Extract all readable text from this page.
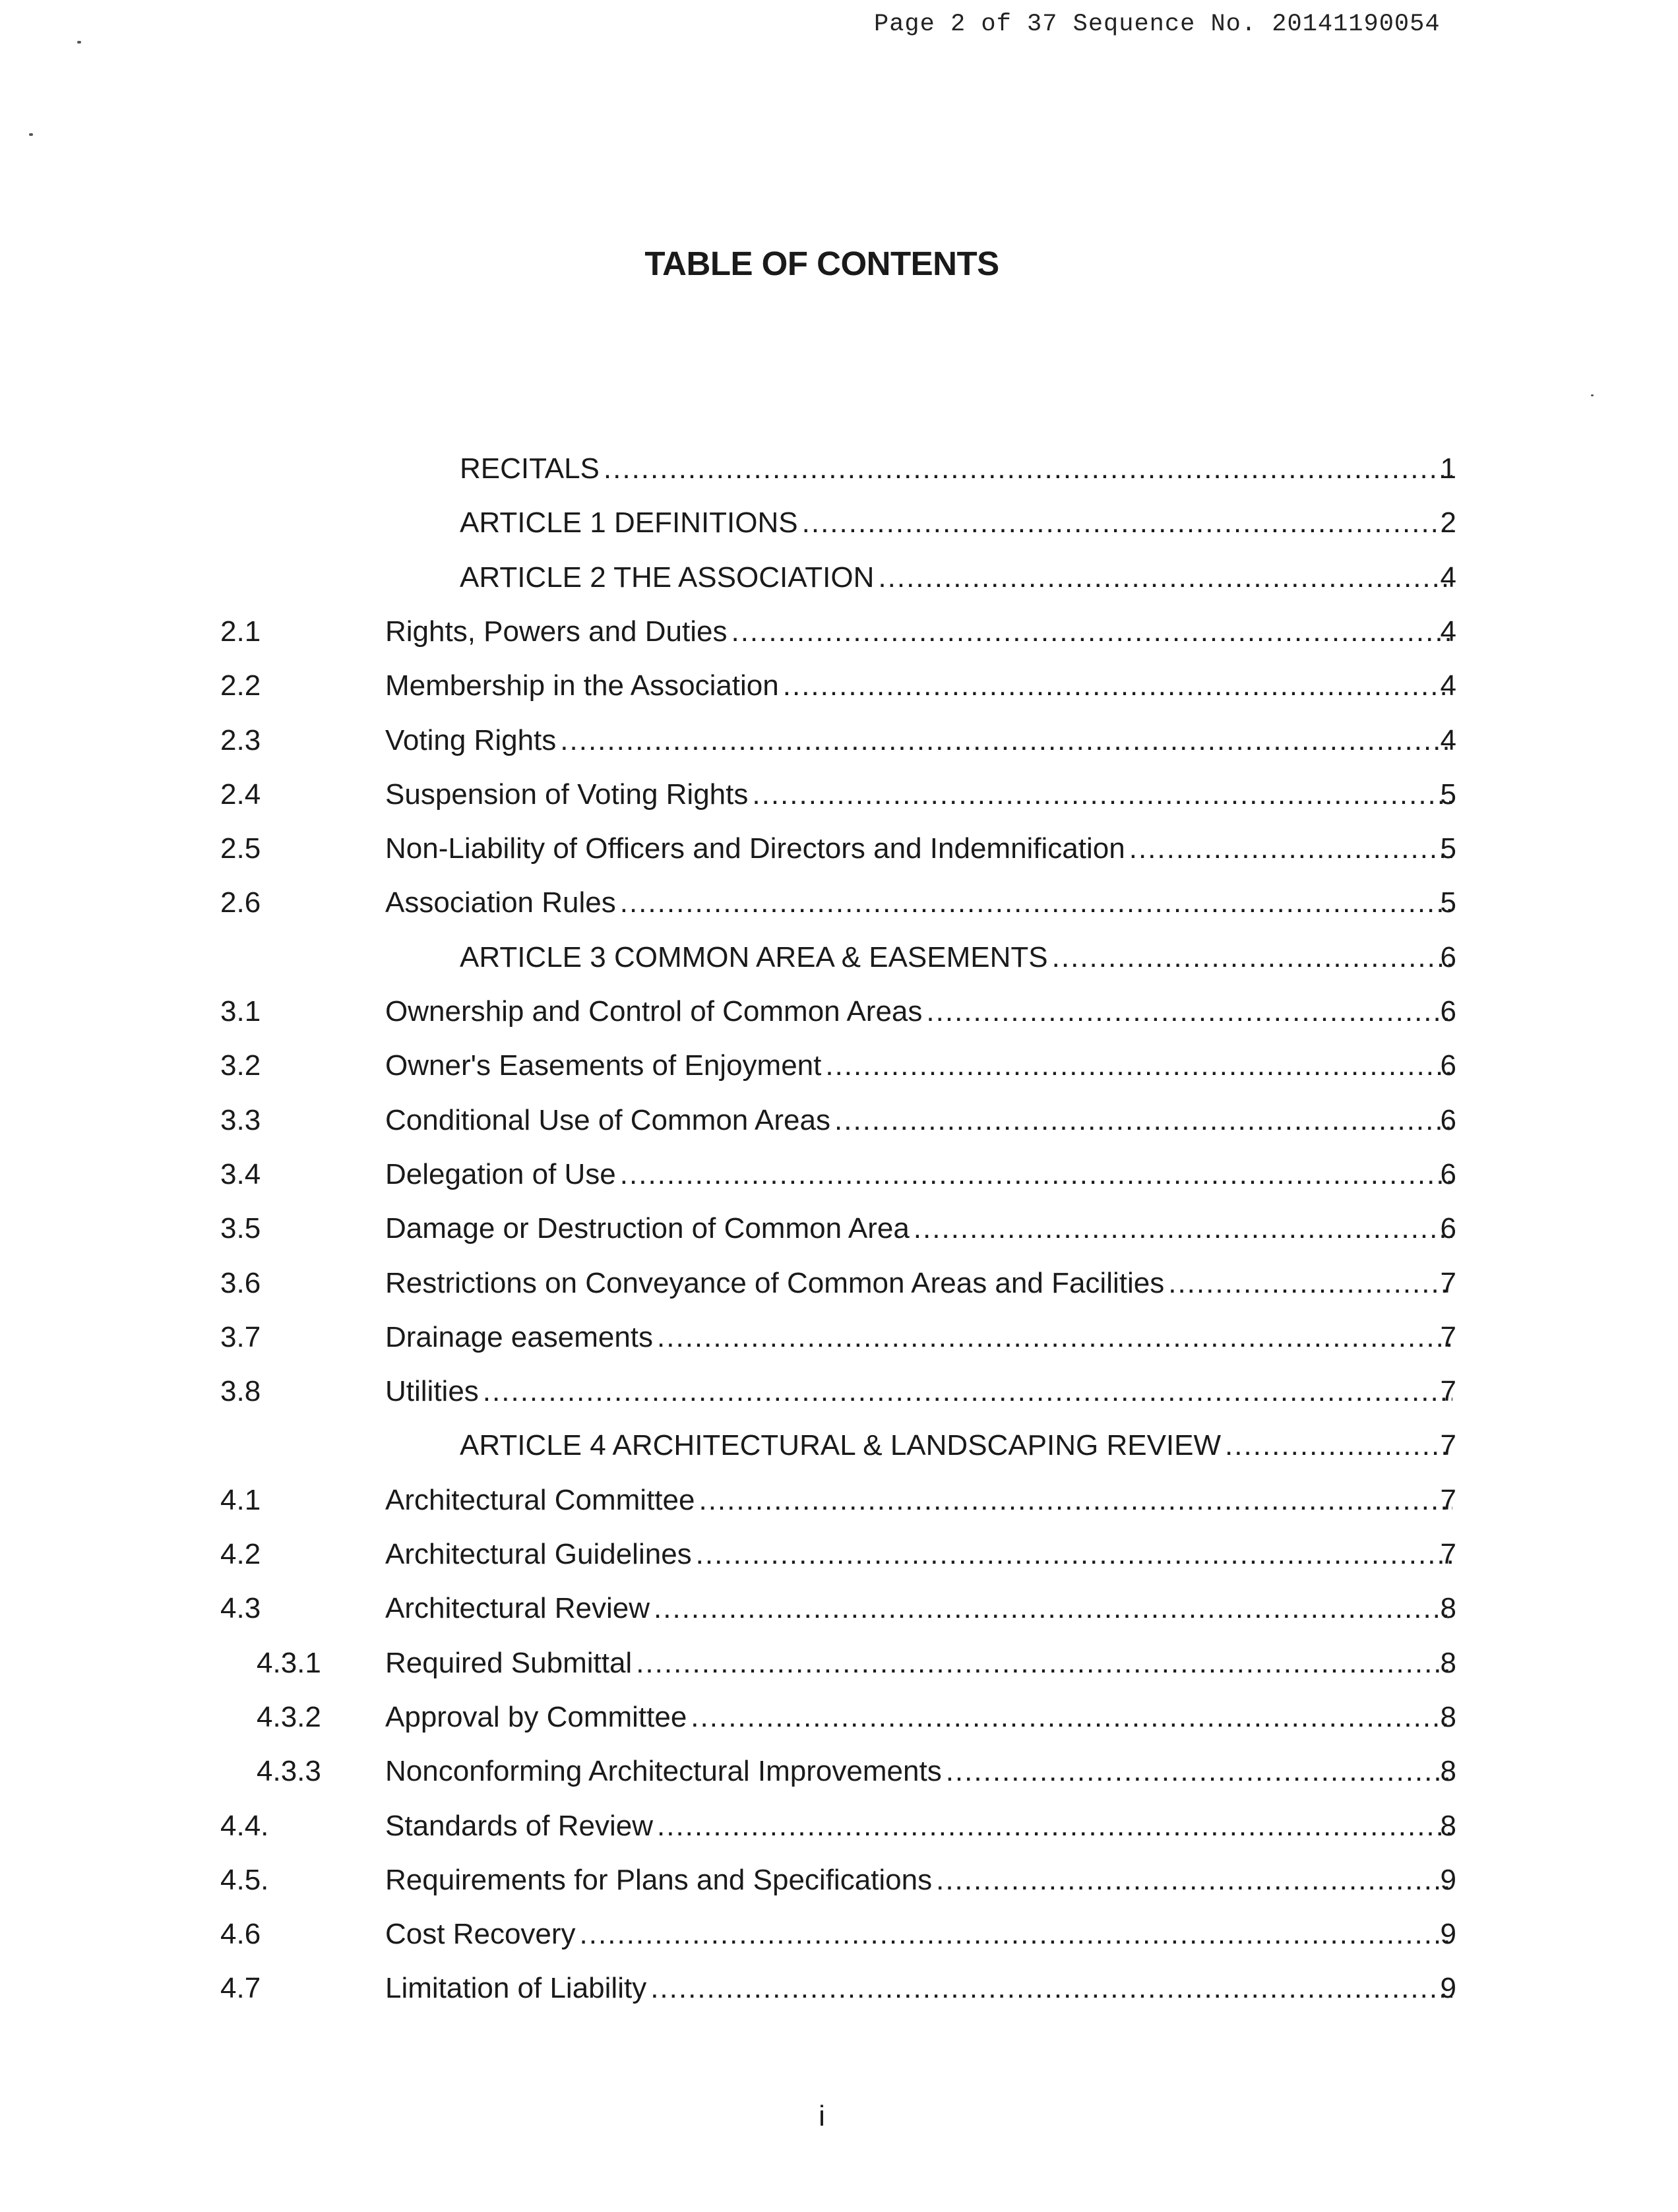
Page 2 of 37 Sequence No. 20141190054
TABLE OF CONTENTS
RECITALS .....	1
ARTICLE 1 DEFINITIONS .....	2
ARTICLE 2 THE ASSOCIATION .....	4
2.1	Rights, Powers and Duties .....	4
2.2	Membership in the Association .....	4
2.3	Voting Rights .....	4
2.4	Suspension of Voting Rights .....	5
2.5	Non-Liability of Officers and Directors and Indemnification .....	5
2.6	Association Rules .....	5
ARTICLE 3 COMMON AREA & EASEMENTS .....	6
3.1	Ownership and Control of Common Areas .....	6
3.2	Owner's Easements of Enjoyment .....	6
3.3	Conditional Use of Common Areas .....	6
3.4	Delegation of Use .....	6
3.5	Damage or Destruction of Common Area .....	6
3.6	Restrictions on Conveyance of Common Areas and Facilities .....	7
3.7	Drainage easements .....	7
3.8	Utilities .....	7
ARTICLE 4 ARCHITECTURAL & LANDSCAPING REVIEW .....	7
4.1	Architectural Committee .....	7
4.2	Architectural Guidelines .....	7
4.3	Architectural Review .....	8
4.3.1 Required Submittal .....	8
4.3.2 Approval by Committee .....	8
4.3.3 Nonconforming Architectural Improvements .....	8
4.4.	Standards of Review .....	8
4.5.	Requirements for Plans and Specifications .....	9
4.6	Cost Recovery .....	9
4.7	Limitation of Liability .....	9
i
